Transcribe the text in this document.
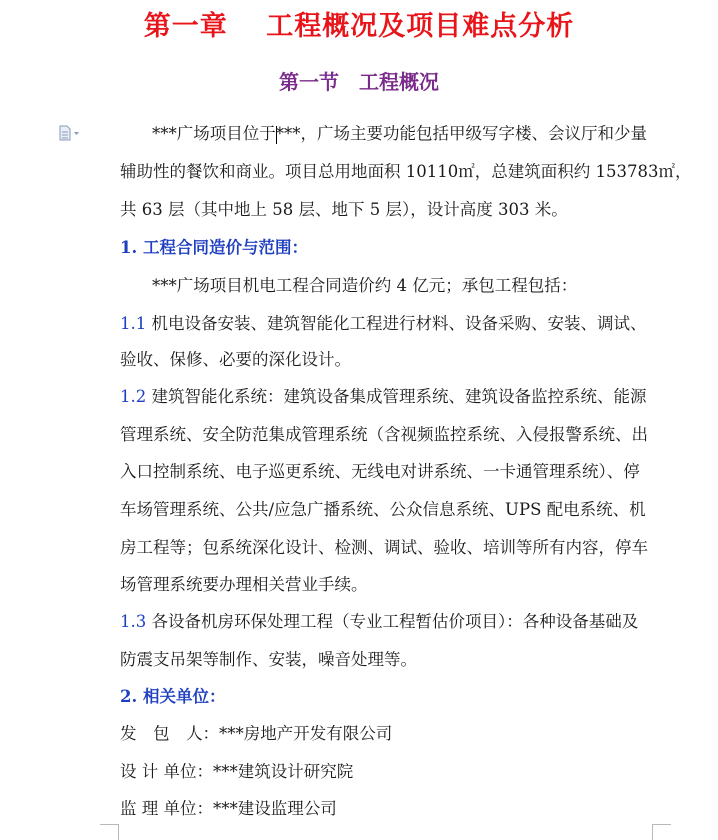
第一章　 工程概况及项目难点分析
第一节　工程概况
***广场项目位于***，广场主要功能包括甲级写字楼、会议厅和少量
辅助性的餐饮和商业。项目总用地面积 10110㎡，总建筑面积约 153783㎡，
共 63 层（其中地上 58 层、地下 5 层），设计高度 303 米。
1. 工程合同造价与范围：
***广场项目机电工程合同造价约 4 亿元；承包工程包括：
1.1 机电设备安装、建筑智能化工程进行材料、设备采购、安装、调试、
验收、保修、必要的深化设计。
1.2 建筑智能化系统：建筑设备集成管理系统、建筑设备监控系统、能源
管理系统、安全防范集成管理系统（含视频监控系统、入侵报警系统、出
入口控制系统、电子巡更系统、无线电对讲系统、一卡通管理系统）、停
车场管理系统、公共/应急广播系统、公众信息系统、UPS 配电系统、机
房工程等；包系统深化设计、检测、调试、验收、培训等所有内容，停车
场管理系统要办理相关营业手续。
1.3 各设备机房环保处理工程（专业工程暂估价项目）：各种设备基础及
防震支吊架等制作、安装，噪音处理等。
2. 相关单位：
发　包　人：***房地产开发有限公司
设 计 单位：***建筑设计研究院
监 理 单位：***建设监理公司
